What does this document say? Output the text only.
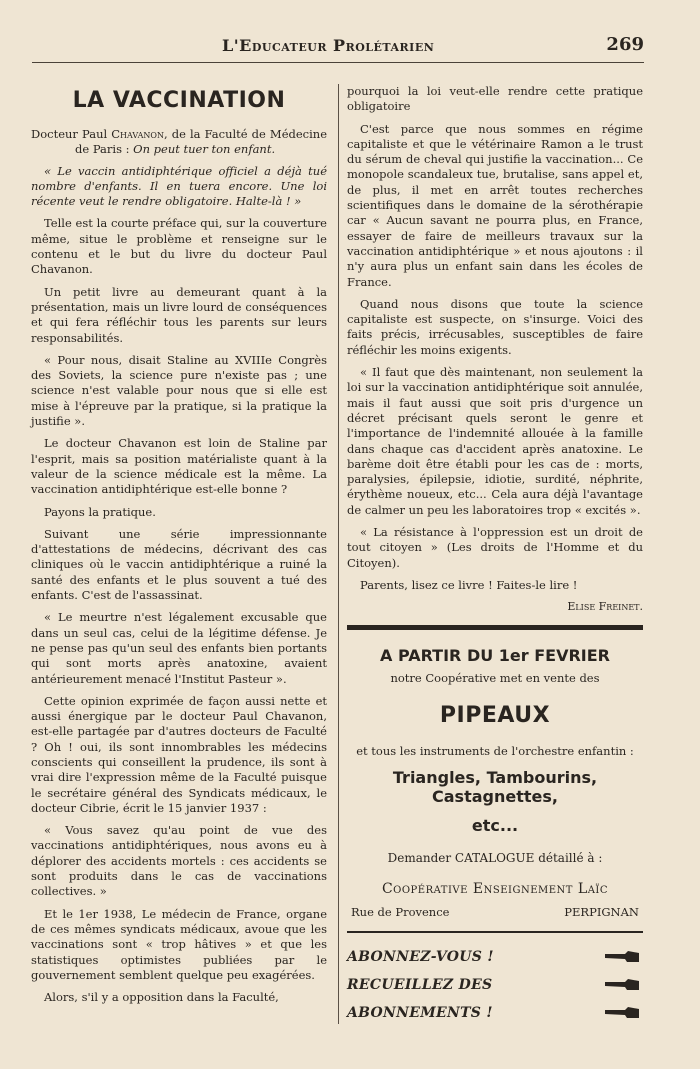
L'Educateur Prolétarien	269
LA VACCINATION
Docteur Paul Chavanon, de la Faculté de Médecine de Paris : On peut tuer ton enfant.

« Le vaccin antidiphtérique officiel a déjà tué nombre d'enfants. Il en tuera encore. Une loi récente veut le rendre obligatoire. Halte-là ! »

Telle est la courte préface qui, sur la couverture même, situe le problème et renseigne sur le contenu et le but du livre du docteur Paul Chavanon.

Un petit livre au demeurant quant à la présentation, mais un livre lourd de conséquences et qui fera réfléchir tous les parents sur leurs responsabilités.

« Pour nous, disait Staline au XVIIIe Congrès des Soviets, la science pure n'existe pas ; une science n'est valable pour nous que si elle est mise à l'épreuve par la pratique, si la pratique la justifie ».

Le docteur Chavanon est loin de Staline par l'esprit, mais sa position matérialiste quant à la valeur de la science médicale est la même. La vaccination antidiphtérique est-elle bonne ?

Payons la pratique.

Suivant une série impressionnante d'attestations de médecins, décrivant des cas cliniques où le vaccin antidiphtérique a ruiné la santé des enfants et le plus souvent a tué des enfants. C'est de l'assassinat.

« Le meurtre n'est légalement excusable que dans un seul cas, celui de la légitime défense. Je ne pense pas qu'un seul des enfants bien portants qui sont morts après anatoxine, avaient antérieurement menacé l'Institut Pasteur ».

Cette opinion exprimée de façon aussi nette et aussi énergique par le docteur Paul Chavanon, est-elle partagée par d'autres docteurs de Faculté ? Oh ! oui, ils sont innombrables les médecins conscients qui conseillent la prudence, ils sont à vrai dire l'expression même de la Faculté puisque le secrétaire général des Syndicats médicaux, le docteur Cibrie, écrit le 15 janvier 1937 :

« Vous savez qu'au point de vue des vaccinations antidiphtériques, nous avons eu à déplorer des accidents mortels : ces accidents se sont produits dans le cas de vaccinations collectives. »

Et le 1er 1938, Le médecin de France, organe de ces mêmes syndicats médicaux, avoue que les vaccinations sont « trop hâtives » et que les statistiques optimistes publiées par le gouvernement semblent quelque peu exagérées.

Alors, s'il y a opposition dans la Faculté,

pourquoi la loi veut-elle rendre cette pratique obligatoire

C'est parce que nous sommes en régime capitaliste et que le vétérinaire Ramon a le trust du sérum de cheval qui justifie la vaccination... Ce monopole scandaleux tue, brutalise, sans appel et, de plus, il met en arrêt toutes recherches scientifiques dans le domaine de la sérothérapie car « Aucun savant ne pourra plus, en France, essayer de faire de meilleurs travaux sur la vaccination antidiphtérique » et nous ajoutons : il n'y aura plus un enfant sain dans les écoles de France.

Quand nous disons que toute la science capitaliste est suspecte, on s'insurge. Voici des faits précis, irrécusables, susceptibles de faire réfléchir les moins exigents.

« Il faut que dès maintenant, non seulement la loi sur la vaccination antidiphtérique soit annulée, mais il faut aussi que soit pris d'urgence un décret précisant quels seront le genre et l'importance de l'indemnité allouée à la famille dans chaque cas d'accident après anatoxine. Le barème doit être établi pour les cas de : morts, paralysies, épilepsie, idiotie, surdité, néphrite, érythème noueux, etc... Cela aura déjà l'avantage de calmer un peu les laboratoires trop « excités ».

« La résistance à l'oppression est un droit de tout citoyen » (Les droits de l'Homme et du Citoyen).

Parents, lisez ce livre ! Faites-le lire !

Elise Freinet.
A PARTIR DU 1er FEVRIER
notre Coopérative met en vente des
PIPEAUX
et tous les instruments de l'orchestre enfantin :
Triangles, Tambourins, Castagnettes,
etc...
Demander CATALOGUE détaillé à :
Coopérative Enseignement Laïc
Rue de Provence	PERPIGNAN
ABONNEZ-VOUS !
RECUEILLEZ DES
ABONNEMENTS !
